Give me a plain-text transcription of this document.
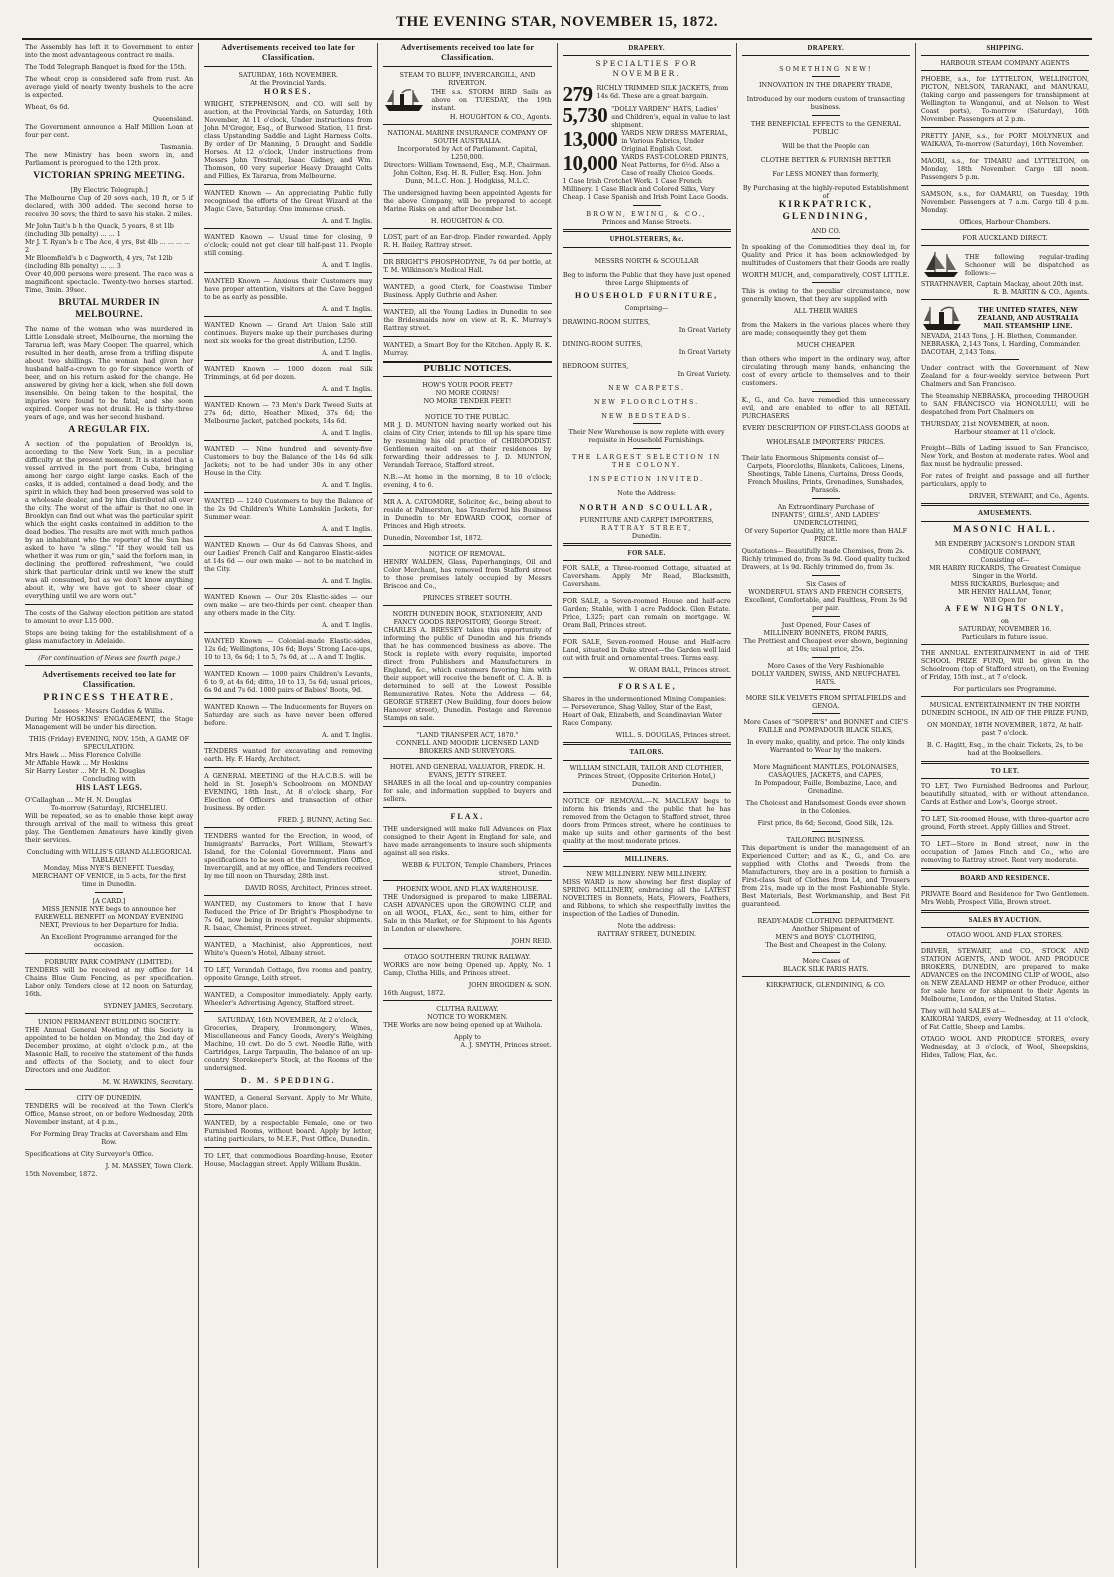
THE EVENING STAR, NOVEMBER 15, 1872.

The Assembly has left it to Government to enter into the most advantageous contract re mails.

The Todd Telegraph Banquet is fixed for the 15th.

The wheat crop is considered safe from rust. An average yield of nearly twenty bushels to the acre is expected.

Wheat, 6s 6d.

Queensland.

The Government announce a Half Million Loan at four per cent.

Tasmania.

The new Ministry has been sworn in, and Parliament is prorogued to the 12th prox.

VICTORIAN SPRING MEETING.
[By Electric Telegraph.]

The Melbourne Cup of 20 sovs each, 10 ft, or 5 if declared, with 300 added. The second horse to receive 30 sovs; the third to save his stake. 2 miles.

Mr John Tait's b h the Quack, 5 years, 8 st 1lb (including 3lb penalty) ... ... 1
Mr J. T. Ryan's b c The Ace, 4 yrs, 8st 4lb ... ... ... ... 2
Mr Bloomfield's b c Dagworth, 4 yrs, 7st 12lb (including 8lb penalty) ... ... 3

Over 40,000 persons were present. The race was a magnificent spectacle. Twenty-two horses started. Time, 3min. 39sec.

BRUTAL MURDER IN MELBOURNE.

The name of the woman who was murdered in Little Lonsdale street, Melbourne, the morning the Tararua left, was Mary Cooper. The quarrel, which resulted in her death, arose from a trifling dispute about two shillings. The woman had given her husband half-a-crown to go for sixpence worth of beer, and on his return asked for the change. He answered by giving her a kick, when she fell down insensible. On being taken to the hospital, the injuries were found to be fatal, and she soon expired. Cooper was not drunk. He is thirty-three years of age, and was her second husband.

A REGULAR FIX.

A section of the population of Brooklyn is, according to the New York Sun, in a peculiar difficulty at the present moment. It is stated that a vessel arrived in the port from Cuba, bringing among her cargo eight large casks. Each of the casks, it is added, contained a dead body, and the spirit in which they had been preserved was sold to a wholesale dealer, and by him distributed all over the city. The worst of the affair is that no one in Brooklyn can find out what was the particular spirit which the eight casks contained in addition to the dead bodies. The results are met with much pathos by an inhabitant who the reporter of the Sun has asked to have "a sling." "If they would tell us whether it was rum or gin," said the forlorn man, in declining the proffered refreshment, "we could shirk that particular drink until we knew the stuff was all consumed, but as we don't know anything about it, why we have got to sheer clear of everything until we are worn out."

The costs of the Galway election petition are stated to amount to over L15 000.

Steps are being taking for the establishment of a glass manufactory in Adelaide.

(For continuation of News see fourth page.)
Advertisements received too late for Classification.
PRINCESS THEATRE.
Lessees · Messrs Geddes & Willis.

During Mr HOSKINS' ENGAGEMENT, the Stage Management will be under his direction.

THIS (Friday) EVENING, NOV. 15th, A GAME OF SPECULATION.
Mrs Hawk ... Miss Florence Colville
Mr Affable Hawk ... Mr Hoskins
Sir Harry Lester ... Mr H. N. Douglas
Concluding with
HIS LAST LEGS.
O'Callaghan ... Mr H. N. Douglas
To-morrow (Saturday), RICHELIEU.

Will be repeated, so as to enable those kept away through arrival of the mail to witness this great play. The Gentlemen Amateurs have kindly given their services.

Concluding with WILLIS'S GRAND ALLEGORICAL TABLEAU!

Monday, Miss NYE'S BENEFIT. Tuesday, MERCHANT OF VENICE, in 5 acts, for the first time in Dunedin.

[A CARD.]

MISS JENNIE NYE begs to announce her FAREWELL BENEFIT on MONDAY EVENING NEXT, Previous to her Departure for India.

An Excellent Programme arranged for the occasion.

FORBURY PARK COMPANY (LIMITED).

TENDERS will be received at my office for 14 Chains Blue Gum Fencing, as per specification. Labor only. Tenders close at 12 noon on Saturday, 16th.

SYDNEY JAMES, Secretary.
UNION PERMANENT BUILDING SOCIETY.

THE Annual General Meeting of this Society is appointed to be holden on Monday, the 2nd day of December proximo, at eight o'clock p.m., at the Masonic Hall, to receive the statement of the funds and effects of the Society, and to elect four Directors and one Auditor.

M. W. HAWKINS, Secretary.
CITY OF DUNEDIN.

TENDERS will be received at the Town Clerk's Office, Manse street, on or before Wednesday, 20th November instant, at 4 p.m.,

For Forming Dray Tracks at Caversham and Elm Row.

Specifications at City Surveyor's Office.

J. M. MASSEY, Town Clerk.
15th November, 1872.
Advertisements received too late for Classification.
SATURDAY, 16th NOVEMBER.
At the Provincial Yards.
HORSES.

WRIGHT, STEPHENSON, and CO. will sell by auction, at the Provincial Yards, on Saturday, 16th November, At 11 o'clock, Under instructions from John M'Gregor, Esq., of Burwood Station, 11 first-class Upstanding Saddle and Light Harness Colts. By order of Dr Manning, 5 Draught and Saddle Horses. At 12 o'clock, Under instructions from Messrs John Trestrail, Isaac Gidney, and Wm. Thomson, 60 very superior Heavy Draught Colts and Fillies, Ex Tararua, from Melbourne.

WANTED Known — An appreciating Public fully recognised the efforts of the Great Wizard at the Magic Cave, Saturday. One immense crush.

A. and T. Inglis.

WANTED Known — Usual time for closing, 9 o'clock; could not get clear till half-past 11. People still coming.

A. and T. Inglis.

WANTED Known — Anxious their Customers may have proper attention, visitors at the Cave begged to be as early as possible.

A. and T. Inglis.

WANTED Known — Grand Art Union Sale still continues. Buyers make up their purchases during next six weeks for the great distribution, L250.

A. and T. Inglis.

WANTED Known — 1000 dozen real Silk Trimmings, at 6d per dozen.

A. and T. Inglis.

WANTED Known — 73 Men's Dark Tweed Suits at 27s 6d; ditto, Heather Mixed, 37s 6d; the Melbourne Jacket, patched pockets, 14s 6d.

A. and T. Inglis.

WANTED — Nine hundred and seventy-five Customers to buy the Balance of the 14s 6d silk Jackets; not to be had under 30s in any other House in the City.

A. and T. Inglis.

WANTED — 1240 Customers to buy the Balance of the 2s 9d Children's White Lambskin Jackets, for Summer wear.

A. and T. Inglis.

WANTED Known — Our 4s 6d Canvas Shoes, and our Ladies' French Calf and Kangaroo Elastic-sides at 14s 6d — our own make — not to be matched in the City.

A. and T. Inglis.

WANTED Known — Our 20s Elastic-sides — our own make — are two-thirds per cent. cheaper than any others made in the City.

A. and T. Inglis.

WANTED Known — Colonial-made Elastic-sides, 12s 6d; Wellingtons, 10s 6d; Boys' Strong Lace-ups, 10 to 13, 6s 6d; 1 to 5, 7s 6d, at ... A and T. Inglis.

WANTED Known — 1000 pairs Children's Levants, 6 to 9, at 4s 6d; ditto, 10 to 13, 5s 6d; usual prices, 6s 9d and 7s 6d. 1000 pairs of Babies' Boots, 9d.

WANTED Known — The Inducements for Buyers on Saturday are such as have never been offered before.

A. and T. Inglis.

TENDERS wanted for excavating and removing earth. Hy. F. Hardy, Architect.

A GENERAL MEETING of the H.A.C.B.S. will be held in St. Joseph's Schoolroom on MONDAY EVENING, 18th Inst., At 8 o'clock sharp, For Election of Officers and transaction of other business. By order.

FRED. J. BUNNY, Acting Sec.

TENDERS wanted for the Erection, in wood, of Immigrants' Barracks, Port William, Stewart's Island, for the Colonial Government. Plans and specifications to be seen at the Immigration Office, Invercargill, and at my office, and Tenders received by me till noon on Thursday, 28th inst.

DAVID ROSS, Architect, Princes street.

WANTED, my Customers to know that I have Reduced the Price of Dr Bright's Phosphodyne to 7s 6d, now being in receipt of regular shipments. R. Isaac, Chemist, Princes street.

WANTED, a Machinist, also Apprentices, next White's Queen's Hotel, Albany street.

TO LET, Verandah Cottage, five rooms and pantry, opposite Grange, Leith street.

WANTED, a Compositor immediately. Apply early. Wheeler's Advertising Agency, Stafford street.

SATURDAY, 16th NOVEMBER, At 2 o'clock,

Groceries, Drapery, Ironmongery, Wines, Miscellaneous and Fancy Goods, Avery's Weighing Machine, 10 cwt. Do do 5 cwt. Needle Rifle, with Cartridges, Large Tarpaulin, The balance of an up-country Storekeeper's Stock, at the Rooms of the undersigned.

D. M. SPEDDING.

WANTED, a General Servant. Apply to Mr White, Store, Manor place.

WANTED, by a respectable Female, one or two Furnished Rooms, without board. Apply by letter, stating particulars, to M.E.F., Post Office, Dunedin.

TO LET, that commodious Boarding-house, Exeter House, Maclaggan street. Apply William Buskin.

Advertisements received too late for Classification.
STEAM TO BLUFF, INVERCARGILL, AND RIVERTON.
THE s.s. STORM BIRD Sails as above on TUESDAY, the 19th instant.
H. HOUGHTON & CO., Agents.
NATIONAL MARINE INSURANCE COMPANY OF SOUTH AUSTRALIA.
Incorporated by Act of Parliament. Capital, L250,000.

Directors: William Townsend, Esq., M.P., Chairman. John Colton, Esq. H. R. Fuller, Esq. Hon. John Dunn, M.L.C. Hon. J. Hodgkiss, M.L.C.

The undersigned having been appointed Agents for the above Company, will be prepared to accept Marine Risks on and after December 1st.

H. HOUGHTON & CO.

LOST, part of an Ear-drop. Finder rewarded. Apply R. H. Bailey, Rattray street.

DR BRIGHT'S PHOSPHODYNE, 7s 6d per bottle, at T. M. Wilkinson's Medical Hall.

WANTED, a good Clerk, for Coastwise Timber Business. Apply Guthrie and Asher.

WANTED, all the Young Ladies in Dunedin to see the Bridesmaids now on view at R. K. Murray's Rattray street.

WANTED, a Smart Boy for the Kitchen. Apply R. K. Murray.

PUBLIC NOTICES.
HOW'S YOUR POOR FEET?
NO MORE CORNS!
NO MORE TENDER FEET!
NOTICE TO THE PUBLIC.

MR J. D. MUNTON having nearly worked out his claim of City Crier, intends to fill up his spare time by resuming his old practice of CHIROPODIST. Gentlemen waited on at their residences by forwarding their addresses to J. D. MUNTON, Verandah Terrace, Stafford street.

N.B.—At home in the morning, 8 to 10 o'clock; evening, 4 to 6.

MR A. A. CATOMORE, Solicitor, &c., being about to reside at Palmerston, has Transferred his Business in Dunedin to Mr EDWARD COOK, corner of Princes and High streets.

Dunedin, November 1st, 1872.
NOTICE OF REMOVAL.

HENRY WALDEN, Glass, Paperhangings, Oil and Color Merchant, has removed from Stafford street to those premises lately occupied by Messrs Briscoe and Co.,

PRINCES STREET SOUTH.
NORTH DUNEDIN BOOK, STATIONERY, AND FANCY GOODS REPOSITORY, George Street.

CHARLES A. BRESSEY takes this opportunity of informing the public of Dunedin and his friends that he has commenced business as above. The Stock is replete with every requisite, imported direct from Publishers and Manufacturers in England, &c., which customers favoring him with their support will receive the benefit of. C. A. B. is determined to sell at the Lowest Possible Remunerative Rates. Note the Address — 64, GEORGE STREET (New Building, four doors below Hanover street), Dunedin. Postage and Revenue Stamps on sale.

"LAND TRANSFER ACT, 1870."
CONNELL AND MOODIE LICENSED LAND BROKERS AND SURVEYORS.
HOTEL AND GENERAL VALUATOR, FREDK. H. EVANS, JETTY STREET.

SHARES in all the local and up-country companies for sale, and information supplied to buyers and sellers.

FLAX.

THE undersigned will make full Advances on Flax consigned to their Agent in England for sale, and have made arrangements to insure such shipments against all sea risks.

WEBB & FULTON, Temple Chambers, Princes street, Dunedin.
PHOENIX WOOL AND FLAX WAREHOUSE.

THE Undersigned is prepared to make LIBERAL CASH ADVANCES upon the GROWING CLIP, and on all WOOL, FLAX, &c., sent to him, either for Sale in this Market, or for Shipment to his Agents in London or elsewhere.

JOHN REID.
OTAGO SOUTHERN TRUNK RAILWAY.

WORKS are now being Opened up. Apply, No. 1 Camp, Clutha Hills, and Princes street.

JOHN BROGDEN & SON.
16th August, 1872.
CLUTHA RAILWAY.
NOTICE TO WORKMEN.

THE Works are now being opened up at Waihola.

Apply to
A. J. SMYTH, Princes street.
DRAPERY.
SPECIALTIES FOR NOVEMBER.
279 RICHLY TRIMMED SILK JACKETS, from 14s 6d. These are a great bargain.
5,730 "DOLLY VARDEN" HATS, Ladies' and Children's, equal in value to last shipment.
13,000 YARDS NEW DRESS MATERIAL, in Various Fabrics, Under Original English Cost.
10,000 YARDS FAST-COLORED PRINTS, Neat Patterns, for 6½d. Also a Case of really Choice Goods.

1 Case Irish Crotchet Work. 1 Case French Millinery. 1 Case Black and Colored Silks, Very Cheap. 1 Case Spanish and Irish Point Lace Goods.

BROWN, EWING, & CO.,
Princes and Manse Streets.
UPHOLSTERERS, &c.
MESSRS NORTH & SCOULLAR

Beg to inform the Public that they have just opened three Large Shipments of

HOUSEHOLD FURNITURE,
Comprising—
DRAWING-ROOM SUITES,
In Great Variety
DINING-ROOM SUITES,
In Great Variety
BEDROOM SUITES,
In Great Variety.
NEW CARPETS.
NEW FLOORCLOTHS.
NEW BEDSTEADS.

Their New Warehouse is now replete with every requisite in Household Furnishings.

THE LARGEST SELECTION IN THE COLONY.
INSPECTION INVITED.
Note the Address:
NORTH AND SCOULLAR,
FURNITURE AND CARPET IMPORTERS,
RATTRAY STREET,
Dunedin.
FOR SALE.

FOR SALE, a Three-roomed Cottage, situated at Caversham. Apply Mr Read, Blacksmith, Caversham.

FOR SALE, a Seven-roomed House and half-acre Garden; Stable, with 1 acre Paddock. Glen Estate. Price, L325; part can remain on mortgage. W. Oram Ball, Princes street.

FOR SALE, Seven-roomed House and Half-acre Land, situated in Duke street—the Garden well laid out with fruit and ornamental trees. Terms easy.

W. ORAM BALL, Princes street.
F O R S A L E ,

Shares in the undermentioned Mining Companies:— Perseverance, Shag Valley, Star of the East, Heart of Oak, Elizabeth, and Scandinavian Water Race Company.

WILL. S. DOUGLAS, Princes street.
TAILORS.

WILLIAM SINCLAIR, TAILOR AND CLOTHIER, Princes Street, (Opposite Criterion Hotel,) Dunedin.

NOTICE OF REMOVAL.—N. MACLEAY begs to inform his friends and the public that he has removed from the Octagon to Stafford street, three doors from Princes street, where he continues to make up suits and other garments of the best quality at the most moderate prices.

MILLINERS.
NEW MILLINERY. NEW MILLINERY.

MISS WARD is now showing her first display of SPRING MILLINERY, embracing all the LATEST NOVELTIES in Bonnets, Hats, Flowers, Feathers, and Ribbons, to which she respectfully invites the inspection of the Ladies of Dunedin.

Note the address:
RATTRAY STREET, DUNEDIN.
DRAPERY.
SOMETHING NEW!
INNOVATION IN THE DRAPERY TRADE,

Introduced by our modern custom of transacting business.

THE BENEFICIAL EFFECTS to the GENERAL PUBLIC
Will be that the People can
CLOTHE BETTER & FURNISH BETTER
For LESS MONEY than formerly,
By Purchasing at the highly-reputed Establishment of
KIRKPATRICK, GLENDINING,
AND CO.

In speaking of the Commodities they deal in, for Quality and Price it has been acknowledged by multitudes of Customers that their Goods are really

WORTH MUCH, and, comparatively, COST LITTLE.

This is owing to the peculiar circumstance, now generally known, that they are supplied with

ALL THEIR WARES

from the Makers in the various places where they are made; consequently they get them

MUCH CHEAPER

than others who import in the ordinary way, after circulating through many hands, enhancing the cost of every article to themselves and to their customers.

K., G., and Co. have remedied this unnecessary evil, and are enabled to offer to all RETAIL PURCHASERS

EVERY DESCRIPTION OF FIRST-CLASS GOODS at
WHOLESALE IMPORTERS' PRICES.
Their late Enormous Shipments consist of—

Carpets, Floorcloths, Blankets, Calicoes, Linens, Sheetings, Table Linens, Curtains, Dress Goods, French Muslins, Prints, Grenadines, Sunshades, Parasols.

An Extraordinary Purchase of
INFANTS', GIRLS', AND LADIES' UNDERCLOTHING,

Of very Superior Quality, at little more than HALF PRICE.

Quotations— Beautifully made Chemises, from 2s. Richly trimmed do, from 3s 9d. Good quality tucked Drawers, at 1s 9d. Richly trimmed do, from 3s.

Six Cases of
WONDERFUL STAYS AND FRENCH CORSETS,

Excellent, Comfortable, and Faultless, From 3s 9d per pair.

Just Opened, Four Cases of
MILLINERY BONNETS, FROM PARIS,

The Prettiest and Cheapest ever shown, beginning at 10s; usual price, 25s.

More Cases of the Very Fashionable
DOLLY VARDEN, SWISS, AND NEUFCHATEL HATS.
MORE SILK VELVETS FROM SPITALFIELDS and GENOA.

More Cases of "SOPER'S" and BONNET and CIE'S FAILLE and POMPADOUR BLACK SILKS,

In every make, quality, and price. The only kinds Warranted to Wear by the makers.

More Magnificent MANTLES, POLONAISES, CASAQUES, JACKETS, and CAPES,

In Pompadour, Faille, Bombazine, Lace, and Grenadine.

The Choicest and Handsomest Goods ever shown in the Colonies.

First price, 8s 6d; Second, Good Silk, 12s.

TAILORING BUSINESS.

This department is under the management of an Experienced Cutter; and as K., G., and Co. are supplied with Cloths and Tweeds from the Manufacturers, they are in a position to furnish a First-class Suit of Clothes from L4, and Trousers from 21s, made up in the most Fashionable Style. Best Materials, Best Workmanship, and Best Fit guaranteed.

READY-MADE CLOTHING DEPARTMENT.
Another Shipment of
MEN'S and BOYS' CLOTHING,
The Best and Cheapest in the Colony.
More Cases of
BLACK SILK PARIS HATS.
KIRKPATRICK, GLENDINING, & CO.
SHIPPING.
HARBOUR STEAM COMPANY AGENTS

PHOEBE, s.s., for LYTTELTON, WELLINGTON, PICTON, NELSON, TARANAKI, and MANUKAU, (taking cargo and passengers for transhipment at Wellington to Wanganui, and at Nelson to West Coast ports), To-morrow (Saturday), 16th November. Passengers at 2 p.m.

PRETTY JANE, s.s., for PORT MOLYNEUX and WAIKAVA, To-morrow (Saturday), 16th November.

MAORI, s.s., for TIMARU and LYTTELTON, on Monday, 18th November. Cargo till noon. Passengers 5 p.m.

SAMSON, s.s., for OAMARU, on Tuesday, 19th November. Passengers at 7 a.m. Cargo till 4 p.m. Monday.

Offices, Harbour Chambers.
FOR AUCKLAND DIRECT.
THE following regular-trading Schooner will be dispatched as follows:—
STRATHNAVER, Captain Mackay, about 20th inst.
R. B. MARTIN & CO., Agents.
THE UNITED STATES, NEW ZEALAND, AND AUSTRALIA MAIL STEAMSHIP LINE.
NEVADA, 2143 Tons, J. H. Blethen, Commander.
NEBRASKA, 2,143 Tons, I. Harding, Commander.
DACOTAH, 2,143 Tons.

Under contract with the Government of New Zealand for a four-weekly service between Port Chalmers and San Francisco.

The Steamship NEBRASKA, proceeding THROUGH to SAN FRANCISCO via HONOLULU, will be despatched from Port Chalmers on

THURSDAY, 21st NOVEMBER, at noon.
Harbour steamer at 11 o'clock.

Freight—Bills of Lading issued to San Francisco, New York, and Boston at moderate rates. Wool and flax must be hydraulic pressed.

For rates of freight and passage and all further particulars, apply to

DRIVER, STEWART, and Co., Agents.
AMUSEMENTS.
MASONIC HALL.
MR ENDERBY JACKSON'S LONDON STAR COMIQUE COMPANY,
Consisting of—
MR HARRY RICKARDS, The Greatest Comique Singer in the World.
MISS RICKARDS, Burlesque; and
MR HENRY HALLAM, Tenor,
Will Open for
A FEW NIGHTS ONLY,
on
SATURDAY, NOVEMBER 16.
Particulars in future issue.

THE ANNUAL ENTERTAINMENT in aid of THE SCHOOL PRIZE FUND, Will be given in the Schoolroom (top of Stafford street), on the Evening of Friday, 15th inst., at 7 o'clock.

For particulars see Programme.

MUSICAL ENTERTAINMENT IN THE NORTH DUNEDIN SCHOOL, IN AID OF THE PRIZE FUND,

ON MONDAY, 18TH NOVEMBER, 1872, At half-past 7 o'clock.

B. C. Hagitt, Esq., in the chair. Tickets, 2s, to be had at the Booksellers.

TO LET.

TO LET, Two Furnished Bedrooms and Parlour, beautifully situated, with or without attendance. Cards at Esther and Low's, George street.

TO LET, Six-roomed House, with three-quarter acre ground, Forth street. Apply Gillies and Street.

TO LET—Store in Bond street, now in the occupation of James Finch and Co., who are removing to Rattray street. Rent very moderate.

BOARD AND RESIDENCE.

PRIVATE Board and Residence for Two Gentlemen. Mrs Webb, Prospect Villa, Brown street.

SALES BY AUCTION.
OTAGO WOOL AND FLAX STORES.

DRIVER, STEWART, and CO., STOCK AND STATION AGENTS, AND WOOL AND PRODUCE BROKERS, DUNEDIN, are prepared to make ADVANCES on the INCOMING CLIP of WOOL, also on NEW ZEALAND HEMP or other Produce, either for sale here or for shipment to their Agents in Melbourne, London, or the United States.

They will hold SALES at—

KAIKORAI YARDS, every Wednesday, at 11 o'clock, of Fat Cattle, Sheep and Lambs.

OTAGO WOOL AND PRODUCE STORES, every Wednesday, at 3 o'clock, of Wool, Sheepskins, Hides, Tallow, Flax, &c.
